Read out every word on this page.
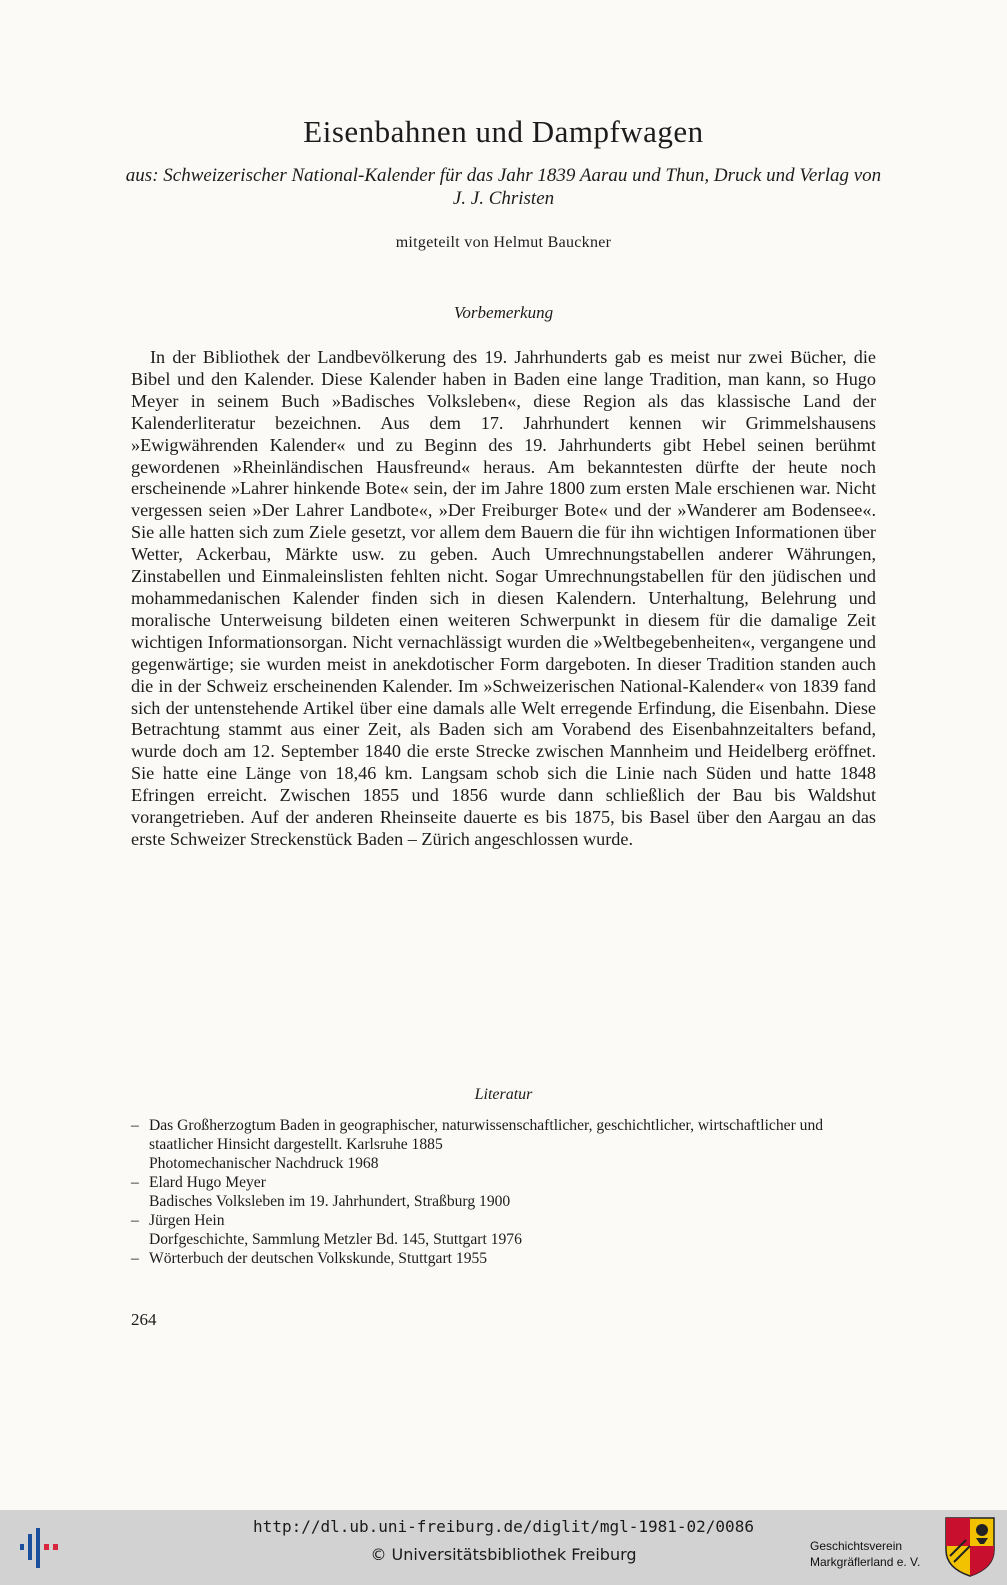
Eisenbahnen und Dampfwagen
aus: Schweizerischer National-Kalender für das Jahr 1839 Aarau und Thun, Druck und Verlag von J. J. Christen
mitgeteilt von Helmut Bauckner
Vorbemerkung

In der Bibliothek der Landbevölkerung des 19. Jahrhunderts gab es meist nur zwei Bücher, die Bibel und den Kalender. Diese Kalender haben in Baden eine lange Tradition, man kann, so Hugo Meyer in seinem Buch »Badisches Volksleben«, diese Region als das klassische Land der Kalenderliteratur bezeichnen. Aus dem 17. Jahrhundert kennen wir Grimmelshausens »Ewigwährenden Kalender« und zu Beginn des 19. Jahrhunderts gibt Hebel seinen berühmt gewordenen »Rheinländischen Hausfreund« heraus. Am bekanntesten dürfte der heute noch erscheinende »Lahrer hinkende Bote« sein, der im Jahre 1800 zum ersten Male erschienen war. Nicht vergessen seien »Der Lahrer Landbote«, »Der Freiburger Bote« und der »Wanderer am Bodensee«. Sie alle hatten sich zum Ziele gesetzt, vor allem dem Bauern die für ihn wichtigen Informationen über Wetter, Ackerbau, Märkte usw. zu geben. Auch Umrechnungstabellen anderer Währungen, Zinstabellen und Einmaleinslisten fehlten nicht. Sogar Umrechnungstabellen für den jüdischen und mohammedanischen Kalender finden sich in diesen Kalendern. Unterhaltung, Belehrung und moralische Unterweisung bildeten einen weiteren Schwerpunkt in diesem für die damalige Zeit wichtigen Informationsorgan. Nicht vernachlässigt wurden die »Weltbegebenheiten«, vergangene und gegenwärtige; sie wurden meist in anekdotischer Form dargeboten. In dieser Tradition standen auch die in der Schweiz erscheinenden Kalender. Im »Schweizerischen National-Kalender« von 1839 fand sich der untenstehende Artikel über eine damals alle Welt erregende Erfindung, die Eisenbahn. Diese Betrachtung stammt aus einer Zeit, als Baden sich am Vorabend des Eisenbahnzeitalters befand, wurde doch am 12. September 1840 die erste Strecke zwischen Mannheim und Heidelberg eröffnet. Sie hatte eine Länge von 18,46 km. Langsam schob sich die Linie nach Süden und hatte 1848 Efringen erreicht. Zwischen 1855 und 1856 wurde dann schließlich der Bau bis Waldshut vorangetrieben. Auf der anderen Rheinseite dauerte es bis 1875, bis Basel über den Aargau an das erste Schweizer Streckenstück Baden – Zürich angeschlossen wurde.

Literatur
– Das Großherzogtum Baden in geographischer, naturwissenschaftlicher, geschichtlicher, wirtschaftlicher und staatlicher Hinsicht dargestellt. Karlsruhe 1885
Photomechanischer Nachdruck 1968
– Elard Hugo Meyer
Badisches Volksleben im 19. Jahrhundert, Straßburg 1900
– Jürgen Hein
Dorfgeschichte, Sammlung Metzler Bd. 145, Stuttgart 1976
– Wörterbuch der deutschen Volkskunde, Stuttgart 1955
264
http://dl.ub.uni-freiburg.de/diglit/mgl-1981-02/0086
© Universitätsbibliothek Freiburg	Geschichtsverein
Markgräflerland e. V.
